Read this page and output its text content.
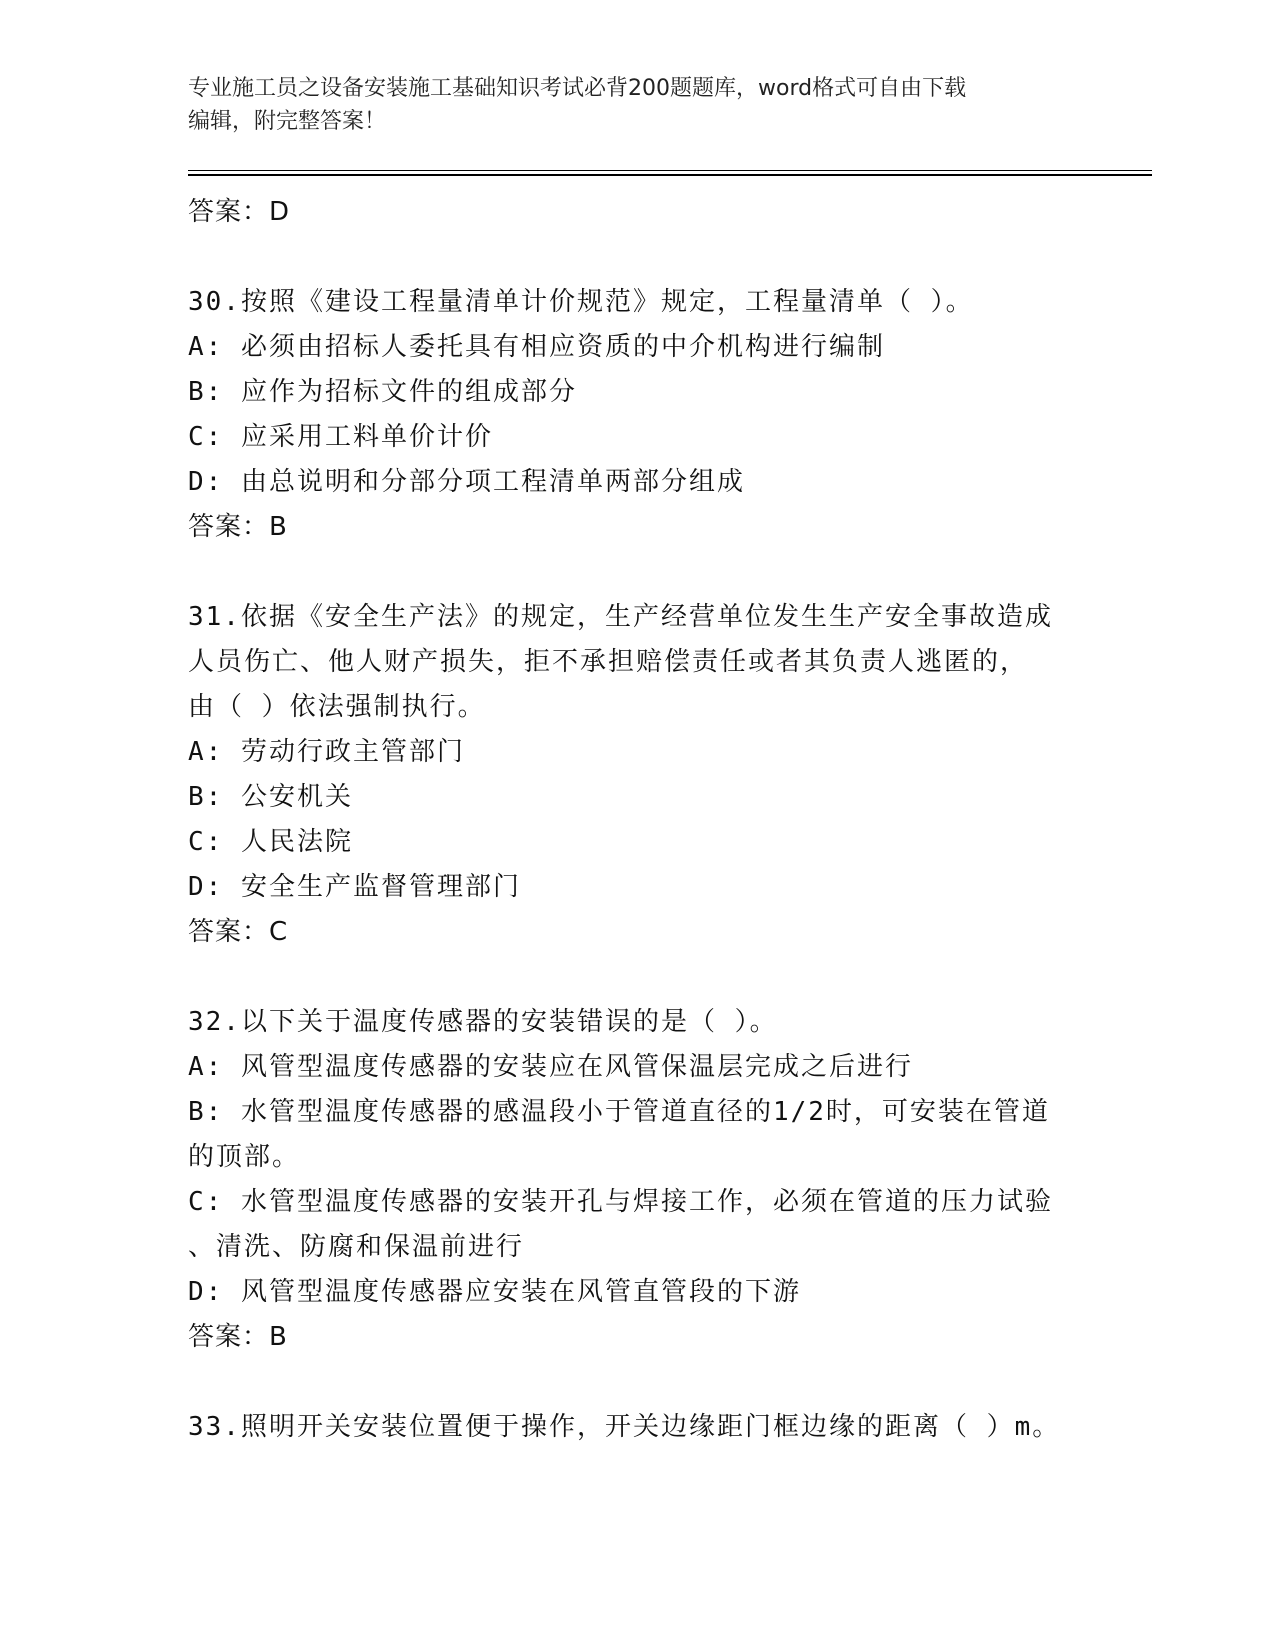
专业施工员之设备安装施工基础知识考试必背200题题库，word格式可自由下载
编辑，附完整答案！
答案：D
30.按照《建设工程量清单计价规范》规定，工程量清单（ ）。
A: 必须由招标人委托具有相应资质的中介机构进行编制
B: 应作为招标文件的组成部分
C: 应采用工料单价计价
D: 由总说明和分部分项工程清单两部分组成
答案：B
31.依据《安全生产法》的规定，生产经营单位发生生产安全事故造成
人员伤亡、他人财产损失，拒不承担赔偿责任或者其负责人逃匿的，
由（ ）依法强制执行。
A: 劳动行政主管部门
B: 公安机关
C: 人民法院
D: 安全生产监督管理部门
答案：C
32.以下关于温度传感器的安装错误的是（ ）。
A: 风管型温度传感器的安装应在风管保温层完成之后进行
B: 水管型温度传感器的感温段小于管道直径的1/2时，可安装在管道
的顶部。
C: 水管型温度传感器的安装开孔与焊接工作，必须在管道的压力试验
、清洗、防腐和保温前进行
D: 风管型温度传感器应安装在风管直管段的下游
答案：B
33.照明开关安装位置便于操作，开关边缘距门框边缘的距离（ ）m。
